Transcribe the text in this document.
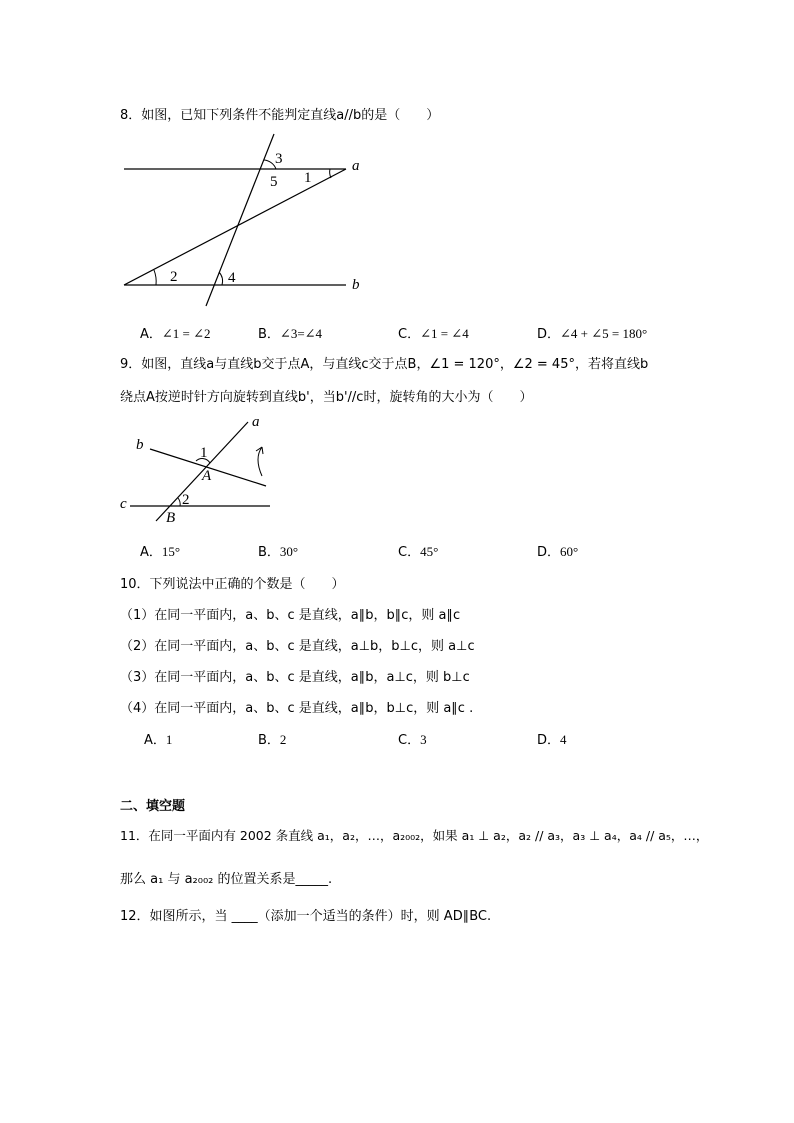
8．如图，已知下列条件不能判定直线a//b的是（　　）
3
5 1
a
2	4	b
A．∠1 = ∠2	B．∠3=∠4	C．∠1 = ∠4	D．∠4 + ∠5 = 180°
9．如图，直线a与直线b交于点A，与直线c交于点B，∠1 = 120°，∠2 = 45°，若将直线b
绕点A按逆时针方向旋转到直线b'，当b'//c时，旋转角的大小为（　　）
a
b	1
A
c	2
B
A．15°	B．30°	C．45°	D．60°
10．下列说法中正确的个数是（　　）
（1）在同一平面内，a、b、c 是直线，a∥b，b∥c，则 a∥c
（2）在同一平面内，a、b、c 是直线，a⊥b，b⊥c，则 a⊥c
（3）在同一平面内，a、b、c 是直线，a∥b，a⊥c，则 b⊥c
（4）在同一平面内，a、b、c 是直线，a∥b，b⊥c，则 a∥c .
A．1	B．2	C．3	D．4
二、填空题
11．在同一平面内有 2002 条直线 a₁，a₂，…，a₂₀₀₂，如果 a₁ ⊥ a₂，a₂ // a₃，a₃ ⊥ a₄，a₄ // a₅，…，
那么 a₁ 与 a₂₀₀₂ 的位置关系是_____.
12．如图所示，当 ____（添加一个适当的条件）时，则 AD∥BC.
